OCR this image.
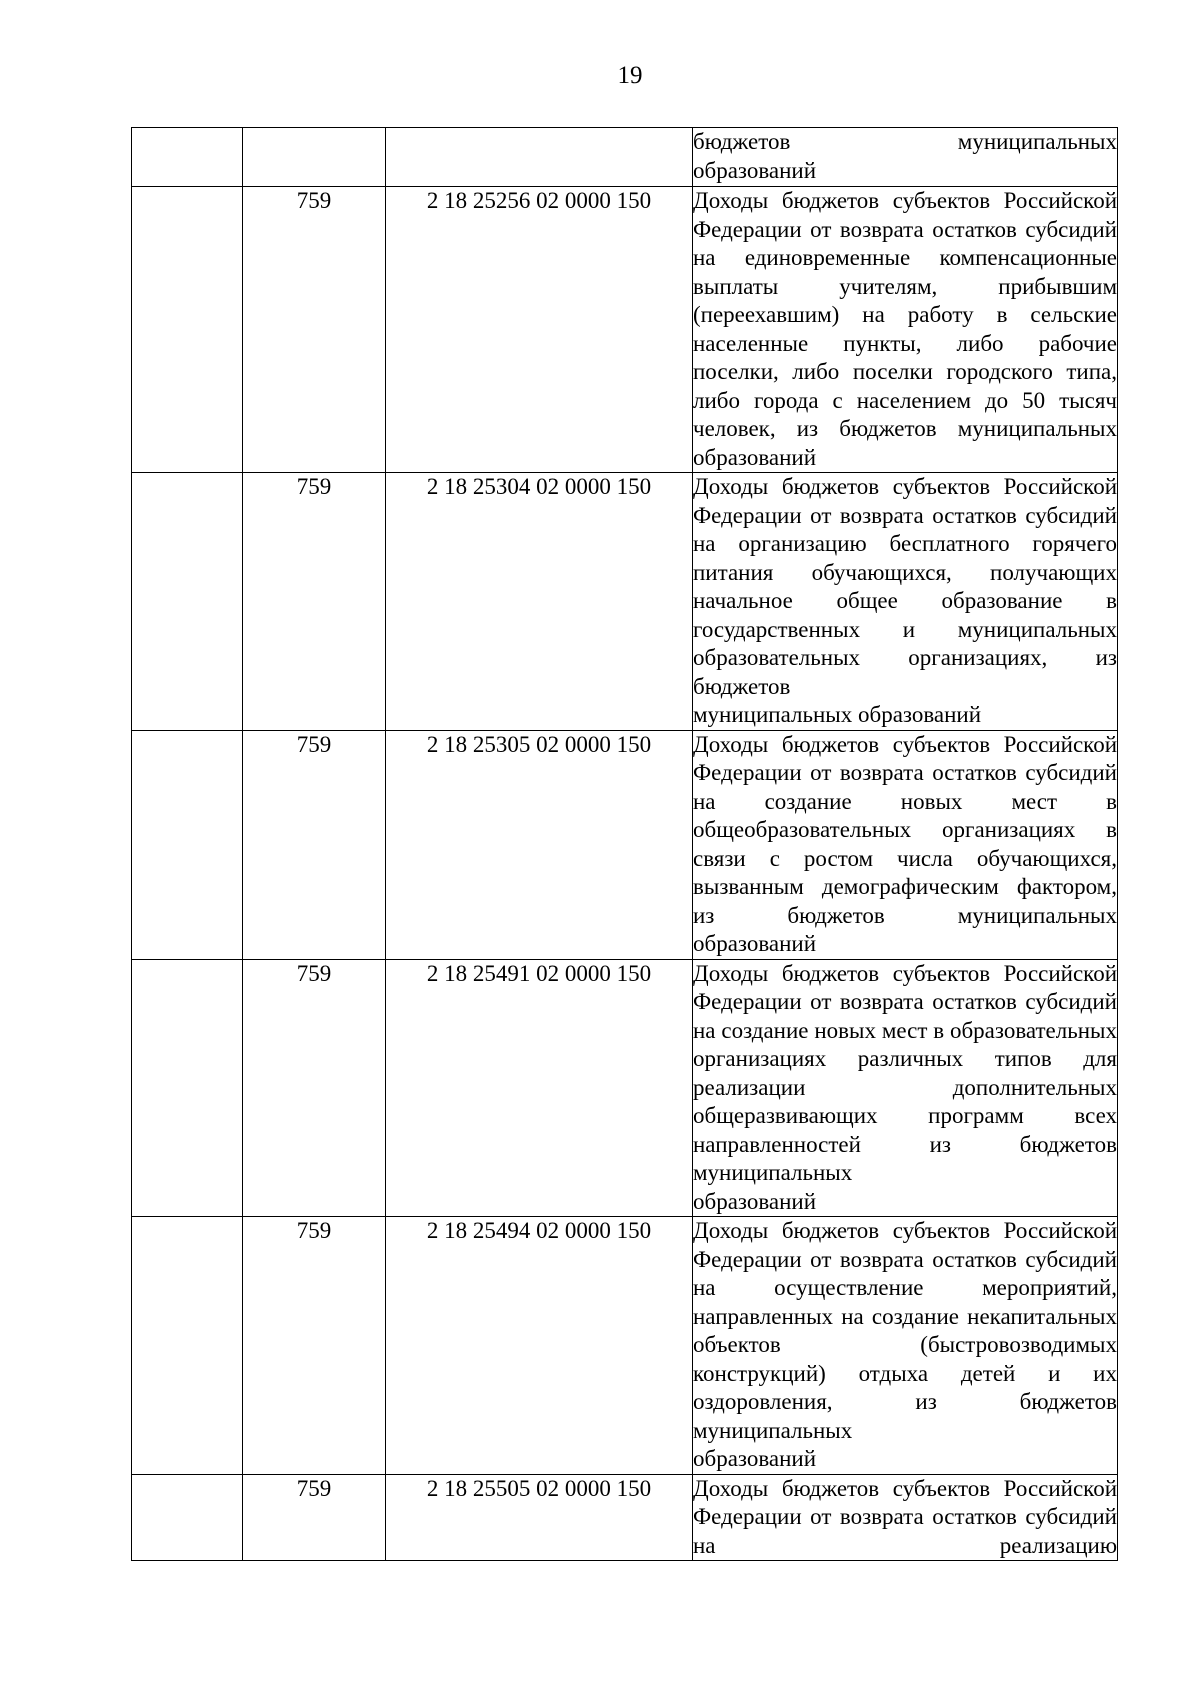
19

			бюджетов муниципальных
образований

	759	2 18 25256 02 0000 150	Доходы бюджетов субъектов Российской Федерации от возврата остатков субсидий на единовременные компенсационные выплаты учителям, прибывшим (переехавшим) на работу в сельские населенные пункты, либо рабочие поселки, либо поселки городского типа, либо города с населением до 50 тысяч человек, из бюджетов муниципальных
образований

	759	2 18 25304 02 0000 150	Доходы бюджетов субъектов Российской Федерации от возврата остатков субсидий на организацию бесплатного горячего питания обучающихся, получающих начальное общее образование в государственных и муниципальных образовательных организациях, из бюджетов
муниципальных образований

	759	2 18 25305 02 0000 150	Доходы бюджетов субъектов Российской Федерации от возврата остатков субсидий на создание новых мест в общеобразовательных организациях в связи с ростом числа обучающихся, вызванным демографическим фактором, из бюджетов муниципальных
образований

	759	2 18 25491 02 0000 150	Доходы бюджетов субъектов Российской Федерации от возврата остатков субсидий на создание новых мест в образовательных организациях различных типов для реализации дополнительных общеразвивающих программ всех направленностей из бюджетов муниципальных
образований

	759	2 18 25494 02 0000 150	Доходы бюджетов субъектов Российской Федерации от возврата остатков субсидий на осуществление мероприятий, направленных на создание некапитальных объектов (быстровозводимых конструкций) отдыха детей и их оздоровления, из бюджетов муниципальных
образований

	759	2 18 25505 02 0000 150	Доходы бюджетов субъектов Российской Федерации от возврата остатков субсидий на реализацию
